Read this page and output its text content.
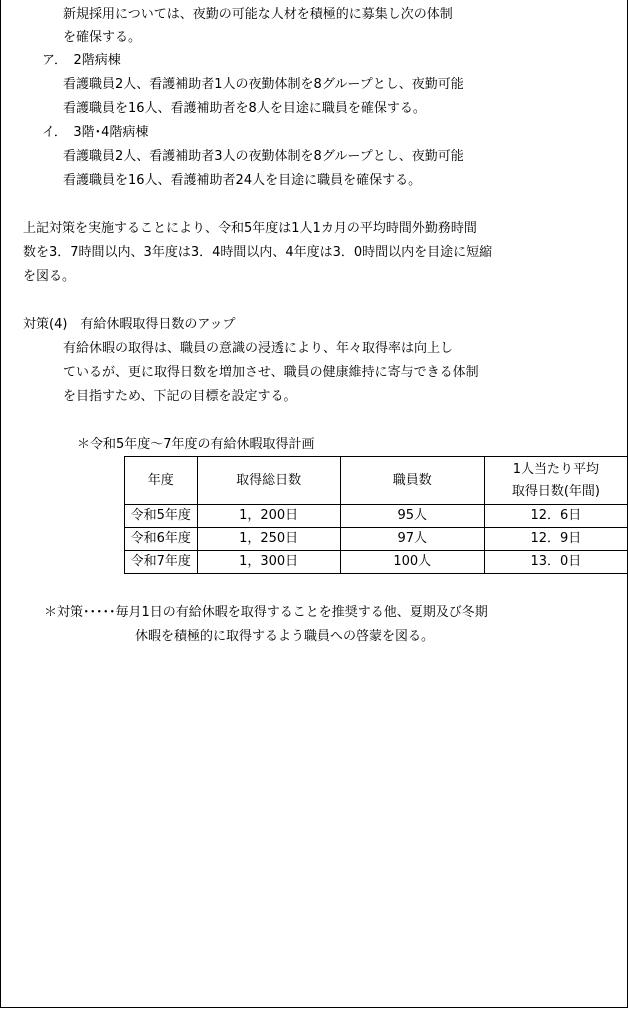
新規採用については、夜勤の可能な人材を積極的に募集し次の体制
を確保する。
ア．　2階病棟
看護職員2人、看護補助者1人の夜勤体制を8グループとし、夜勤可能
看護職員を16人、看護補助者を8人を目途に職員を確保する。
イ．　3階･4階病棟
看護職員2人、看護補助者3人の夜勤体制を8グループとし、夜勤可能
看護職員を16人、看護補助者24人を目途に職員を確保する。
上記対策を実施することにより、令和5年度は1人1カ月の平均時間外勤務時間
数を3．7時間以内、3年度は3．4時間以内、4年度は3．0時間以内を目途に短縮
を図る。
対策(4)　有給休暇取得日数のアップ
有給休暇の取得は、職員の意識の浸透により、年々取得率は向上し
ているが、更に取得日数を増加させ、職員の健康維持に寄与できる体制
を目指すため、下記の目標を設定する。
＊令和5年度～7年度の有給休暇取得計画
年度	取得総日数	職員数	1人当たり平均
取得日数(年間)

令和5年度	1，200日	95人	12．6日
令和6年度	1，250日	97人	12．9日
令和7年度	1，300日	100人	13．0日
＊対策･････毎月1日の有給休暇を取得することを推奨する他、夏期及び冬期
休暇を積極的に取得するよう職員への啓蒙を図る。
